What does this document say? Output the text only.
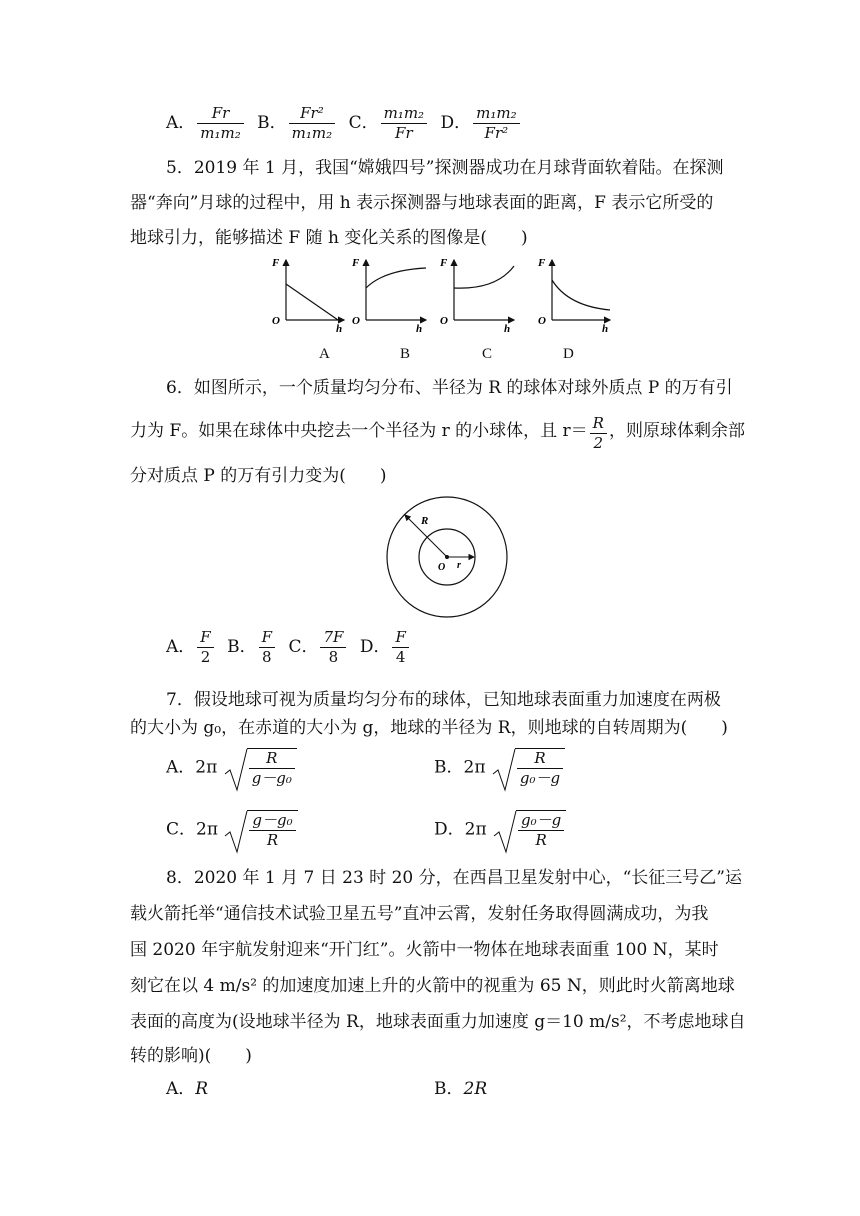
A． $\frac{Fr}{\text{m₁m₂}}$ B． $\frac{\text{Fr²}}{\text{m₁m₂}}$ C． $\frac{\text{m₁m₂}}{Fr}$ D． $\frac{\text{m₁m₂}}{\text{Fr²}}$
5．2019 年 1 月，我国“嫦娥四号”探测器成功在月球背面软着陆。在探测
器“奔向”月球的过程中，用 h 表示探测器与地球表面的距离，F 表示它所受的
地球引力，能够描述 F 随 h 变化关系的图像是(　　)
F
O
h
F
O
h
F
O
h
F
O
h
A	B	C	D
6．如图所示，一个质量均匀分布、半径为 R 的球体对球外质点 P 的万有引
力为 F。如果在球体中央挖去一个半径为 r 的小球体，且 $r= \frac{R}{2}$ ，则原球体剩余部
分对质点 P 的万有引力变为(　　)
R
r
O
A． $\frac{F}{2}$ B． $\frac{F}{8}$ C． $\frac{7F}{8}$ D． $\frac{F}{4}$
7．假设地球可视为质量均匀分布的球体，已知地球表面重力加速度在两极
的大小为 g₀，在赤道的大小为 g，地球的半径为 R，则地球的自转周期为(　　)
A．$2\pi \frac{R}{\text{g－g₀}}$	B．$2\pi \frac{R}{\text{g₀－g}}$
C．$2\pi \frac{\text{g－g₀}}{R}$	D．$2\pi \frac{\text{g₀－g}}{R}$
8．2020 年 1 月 7 日 23 时 20 分，在西昌卫星发射中心，“长征三号乙”运
载火箭托举“通信技术试验卫星五号”直冲云霄，发射任务取得圆满成功，为我
国 2020 年宇航发射迎来“开门红”。火箭中一物体在地球表面重 100 N，某时
刻它在以 4 m/s² 的加速度加速上升的火箭中的视重为 65 N，则此时火箭离地球
表面的高度为(设地球半径为 R，地球表面重力加速度 g＝10 m/s²，不考虑地球自
转的影响)(　　)
A．R	B．2R
